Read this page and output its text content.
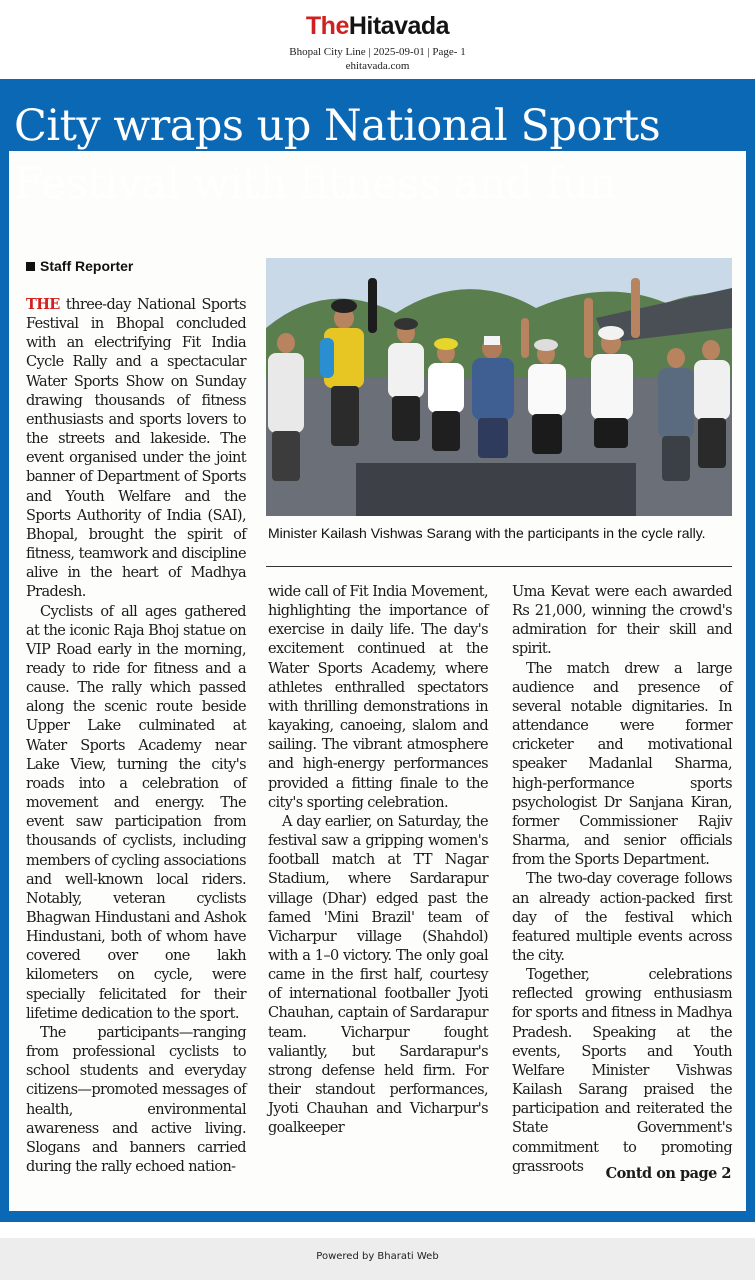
TheHitavada
Bhopal City Line | 2025-09-01 | Page- 1
ehitavada.com
City wraps up National Sports
Festival with fitness and fun
Staff Reporter
Minister Kailash Vishwas Sarang with the participants in the cycle rally.

THE three-day National Sports Festival in Bhopal concluded with an electrifying Fit India Cycle Rally and a spectacular Water Sports Show on Sunday drawing thousands of fitness enthusiasts and sports lovers to the streets and lakeside. The event organised under the joint banner of Department of Sports and Youth Welfare and the Sports Authority of India (SAI), Bhopal, brought the spirit of fitness, teamwork and discipline alive in the heart of Madhya Pradesh.

Cyclists of all ages gathered at the iconic Raja Bhoj statue on VIP Road early in the morning, ready to ride for fitness and a cause. The rally which passed along the scenic route beside Upper Lake culminated at Water Sports Academy near Lake View, turning the city's roads into a celebration of movement and energy. The event saw participation from thousands of cyclists, including members of cycling associations and well-known local riders. Notably, veteran cyclists Bhagwan Hindustani and Ashok Hindustani, both of whom have covered over one lakh kilometers on cycle, were specially felicitated for their lifetime dedication to the sport.

The participants—ranging from professional cyclists to school students and everyday citizens—promoted messages of health, environmental awareness and active living. Slogans and banners carried during the rally echoed nation-

wide call of Fit India Movement, highlighting the importance of exercise in daily life. The day's excitement continued at the Water Sports Academy, where athletes enthralled spectators with thrilling demonstrations in kayaking, canoeing, slalom and sailing. The vibrant atmosphere and high-energy performances provided a fitting finale to the city's sporting celebration.

A day earlier, on Saturday, the festival saw a gripping women's football match at TT Nagar Stadium, where Sardarapur village (Dhar) edged past the famed 'Mini Brazil' team of Vicharpur village (Shahdol) with a 1–0 victory. The only goal came in the first half, courtesy of international footballer Jyoti Chauhan, captain of Sardarapur team. Vicharpur fought valiantly, but Sardarapur's strong defense held firm. For their standout performances, Jyoti Chauhan and Vicharpur's goalkeeper

Uma Kevat were each awarded Rs 21,000, winning the crowd's admiration for their skill and spirit.

The match drew a large audience and presence of several notable dignitaries. In attendance were former cricketer and motivational speaker Madanlal Sharma, high-performance sports psychologist Dr Sanjana Kiran, former Commissioner Rajiv Sharma, and senior officials from the Sports Department.

The two-day coverage follows an already action-packed first day of the festival which featured multiple events across the city.

Together, celebrations reflected growing enthusiasm for sports and fitness in Madhya Pradesh. Speaking at the events, Sports and Youth Welfare Minister Vishwas Kailash Sarang praised the participation and reiterated the State Government's commitment to promoting grassroots	Contd on page 2
Powered by Bharati Web
